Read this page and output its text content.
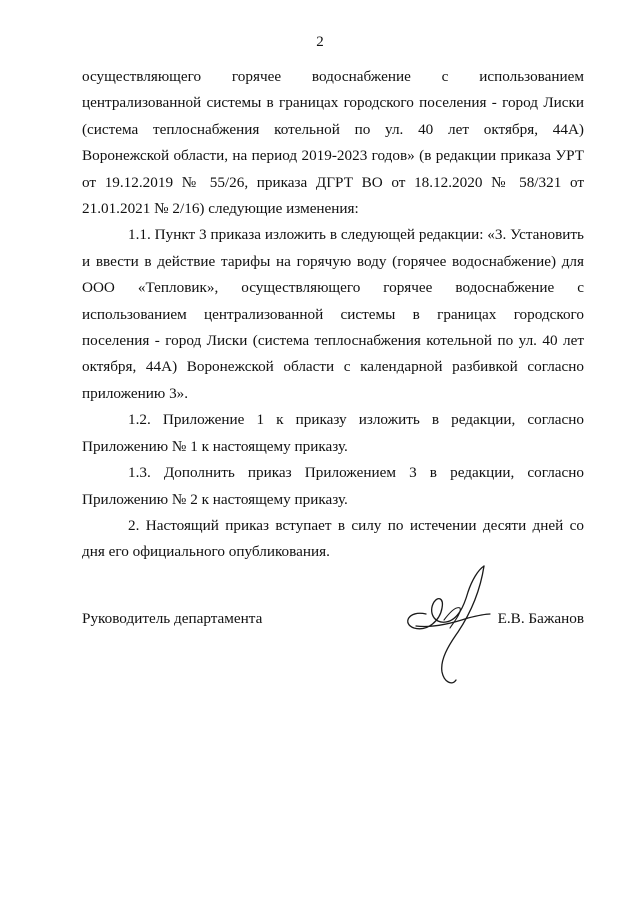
2

осуществляющего горячее водоснабжение с использованием централизованной системы в границах городского поселения - город Лиски (система теплоснабжения котельной по ул. 40 лет октября, 44А) Воронежской области, на период 2019-2023 годов» (в редакции приказа УРТ от 19.12.2019 № 55/26, приказа ДГРТ ВО от 18.12.2020 № 58/321 от 21.01.2021 № 2/16) следующие изменения:

1.1. Пункт 3 приказа изложить в следующей редакции: «3. Установить и ввести в действие тарифы на горячую воду (горячее водоснабжение) для ООО «Тепловик», осуществляющего горячее водоснабжение с использованием централизованной системы в границах городского поселения - город Лиски (система теплоснабжения котельной по ул. 40 лет октября, 44А) Воронежской области с календарной разбивкой согласно приложению 3».

1.2. Приложение 1 к приказу изложить в редакции, согласно Приложению № 1 к настоящему приказу.

1.3. Дополнить приказ Приложением 3 в редакции, согласно Приложению № 2 к настоящему приказу.

2. Настоящий приказ вступает в силу по истечении десяти дней со дня его официального опубликования.

Руководитель департамента	Е.В. Бажанов
